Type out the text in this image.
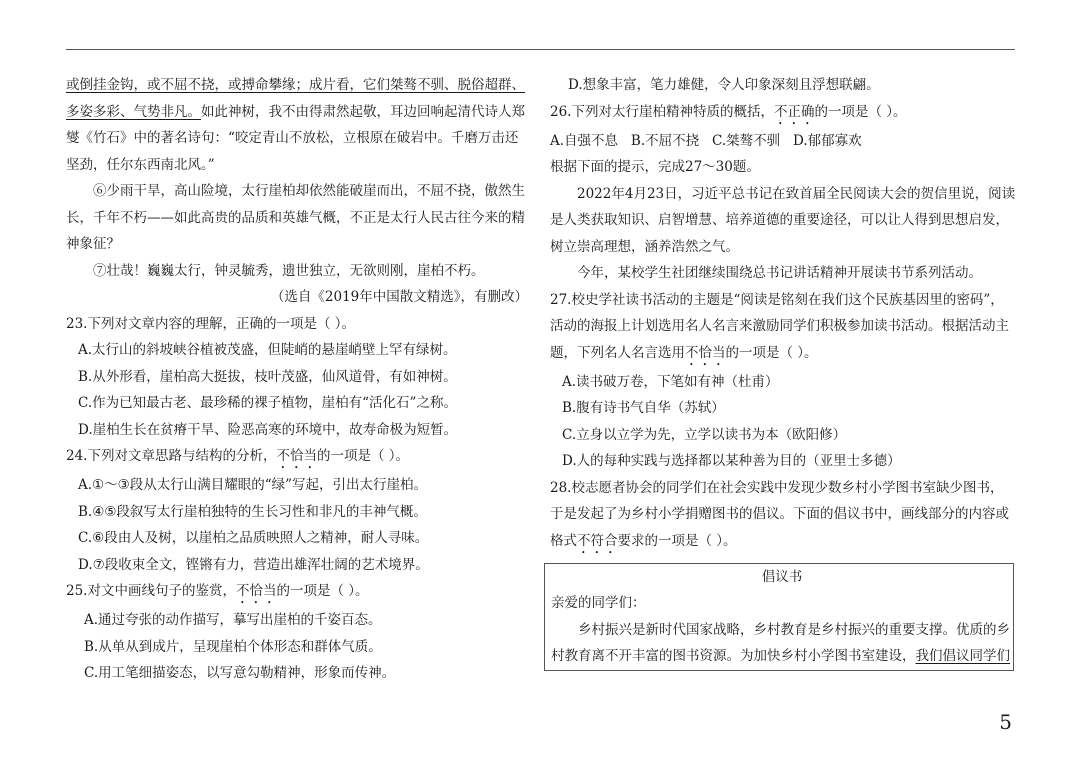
或倒挂金钩，或不屈不挠，或搏命攀缘；成片看，它们桀骜不驯、脱俗超群、多姿多彩、气势非凡。如此神树，我不由得肃然起敬，耳边回响起清代诗人郑燮《竹石》中的著名诗句：“咬定青山不放松，立根原在破岩中。千磨万击还坚劲，任尔东西南北风。”

⑥少雨干旱，高山险境，太行崖柏却依然能破崖而出，不屈不挠，傲然生长，千年不朽——如此高贵的品质和英雄气概，不正是太行人民古往今来的精神象征？

⑦壮哉！巍巍太行，钟灵毓秀，遗世独立，无欲则刚，崖柏不朽。

（选自《2019年中国散文精选》，有删改）

23.下列对文章内容的理解，正确的一项是（ ）。

A.太行山的斜坡峡谷植被茂盛，但陡峭的悬崖峭壁上罕有绿树。

B.从外形看，崖柏高大挺拔，枝叶茂盛，仙风道骨，有如神树。

C.作为已知最古老、最珍稀的裸子植物，崖柏有“活化石”之称。

D.崖柏生长在贫瘠干旱、险恶高寒的环境中，故寿命极为短暂。

24.下列对文章思路与结构的分析，不恰当的一项是（ ）。

A.①～③段从太行山满目耀眼的“绿”写起，引出太行崖柏。

B.④⑤段叙写太行崖柏独特的生长习性和非凡的丰神气概。

C.⑥段由人及树，以崖柏之品质映照人之精神，耐人寻味。

D.⑦段收束全文，铿锵有力，营造出雄浑壮阔的艺术境界。

25.对文中画线句子的鉴赏，不恰当的一项是（ ）。

A.通过夸张的动作描写，摹写出崖柏的千姿百态。

B.从单从到成片，呈现崖柏个体形态和群体气质。

C.用工笔细描姿态，以写意勾勒精神，形象而传神。

D.想象丰富，笔力雄健，令人印象深刻且浮想联翩。

26.下列对太行崖柏精神特质的概括，不正确的一项是（ ）。

A.自强不息   B.不屈不挠   C.桀骜不驯   D.郁郁寡欢

根据下面的提示，完成27～30题。

2022年4月23日，习近平总书记在致首届全民阅读大会的贺信里说，阅读是人类获取知识、启智增慧、培养道德的重要途径，可以让人得到思想启发，树立崇高理想，涵养浩然之气。

今年，某校学生社团继续围绕总书记讲话精神开展读书节系列活动。

27.校史学社读书活动的主题是“阅读是铭刻在我们这个民族基因里的密码”，活动的海报上计划选用名人名言来激励同学们积极参加读书活动。根据活动主题，下列名人名言选用不恰当的一项是（ ）。

A.读书破万卷，下笔如有神（杜甫）

B.腹有诗书气自华（苏轼）

C.立身以立学为先，立学以读书为本（欧阳修）

D.人的每种实践与选择都以某种善为目的（亚里士多德）

28.校志愿者协会的同学们在社会实践中发现少数乡村小学图书室缺少图书，于是发起了为乡村小学捐赠图书的倡议。下面的倡议书中，画线部分的内容或格式不符合要求的一项是（ ）。

倡议书

亲爱的同学们：

乡村振兴是新时代国家战略，乡村教育是乡村振兴的重要支撑。优质的乡村教育离不开丰富的图书资源。为加快乡村小学图书室建设，我们倡议同学们

5
